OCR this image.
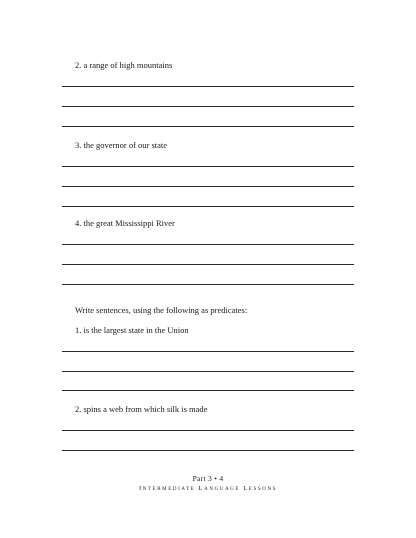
2. a range of high mountains
3. the governor of our state
4. the great Mississippi River
Write sentences, using the following as predicates:
1. is the largest state in the Union
2. spins a web from which silk is made
Part 3 • 4
Intermediate Language Lessons
